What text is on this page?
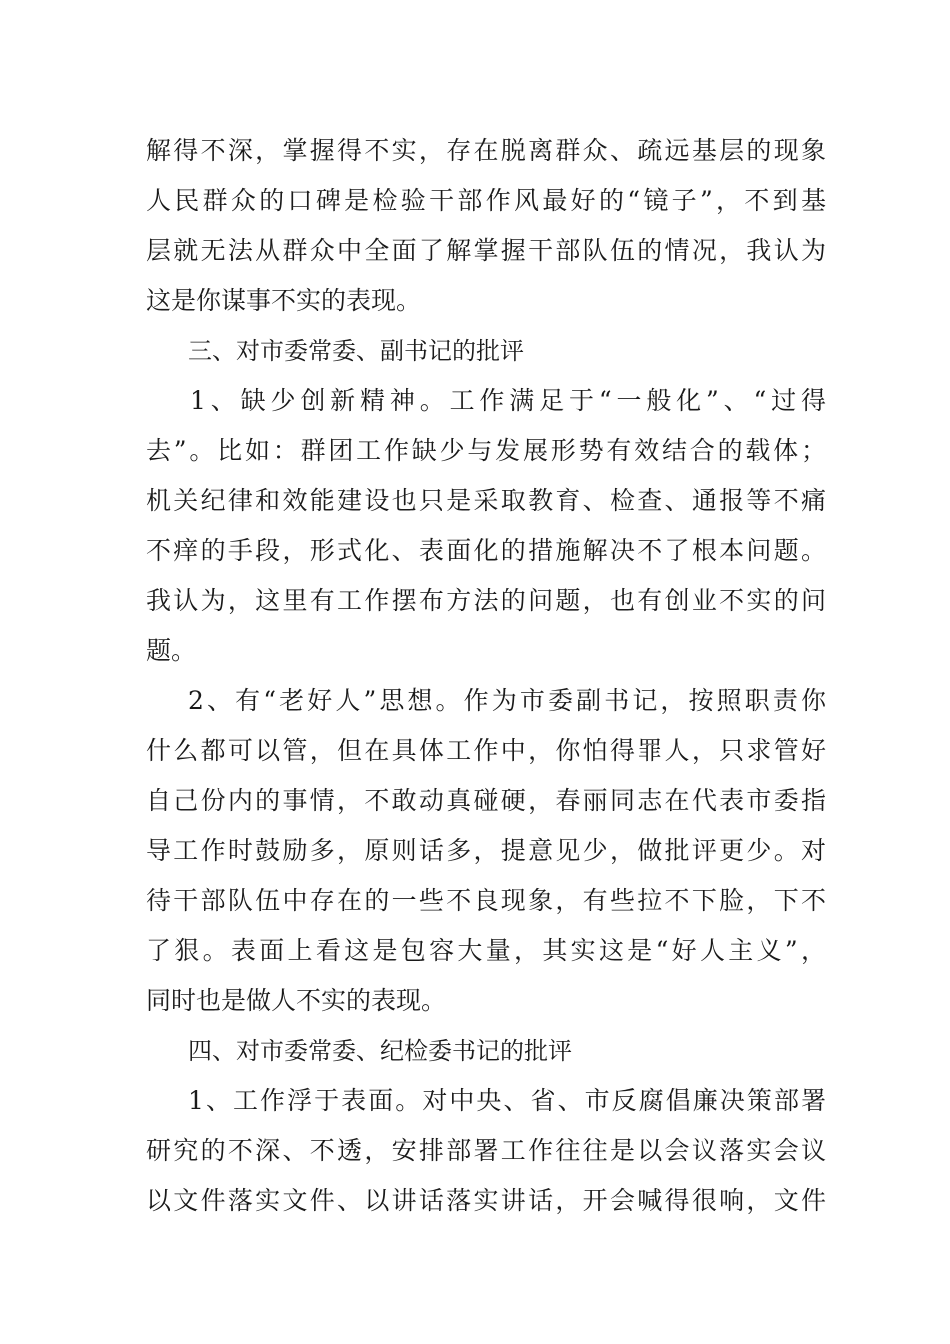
解得不深，掌握得不实，存在脱离群众、疏远基层的现象
人民群众的口碑是检验干部作风最好的“镜子”，不到基
层就无法从群众中全面了解掌握干部队伍的情况，我认为
这是你谋事不实的表现。
三、对市委常委、副书记的批评
1、缺少创新精神。工作满足于“一般化”、“过得
去”。比如：群团工作缺少与发展形势有效结合的载体；
机关纪律和效能建设也只是采取教育、检查、通报等不痛
不痒的手段，形式化、表面化的措施解决不了根本问题。
我认为，这里有工作摆布方法的问题，也有创业不实的问
题。
2、有“老好人”思想。作为市委副书记，按照职责你
什么都可以管，但在具体工作中，你怕得罪人，只求管好
自己份内的事情，不敢动真碰硬，春丽同志在代表市委指
导工作时鼓励多，原则话多，提意见少，做批评更少。对
待干部队伍中存在的一些不良现象，有些拉不下脸，下不
了狠。表面上看这是包容大量，其实这是“好人主义”，
同时也是做人不实的表现。
四、对市委常委、纪检委书记的批评
1、工作浮于表面。对中央、省、市反腐倡廉决策部署
研究的不深、不透，安排部署工作往往是以会议落实会议
以文件落实文件、以讲话落实讲话，开会喊得很响，文件
